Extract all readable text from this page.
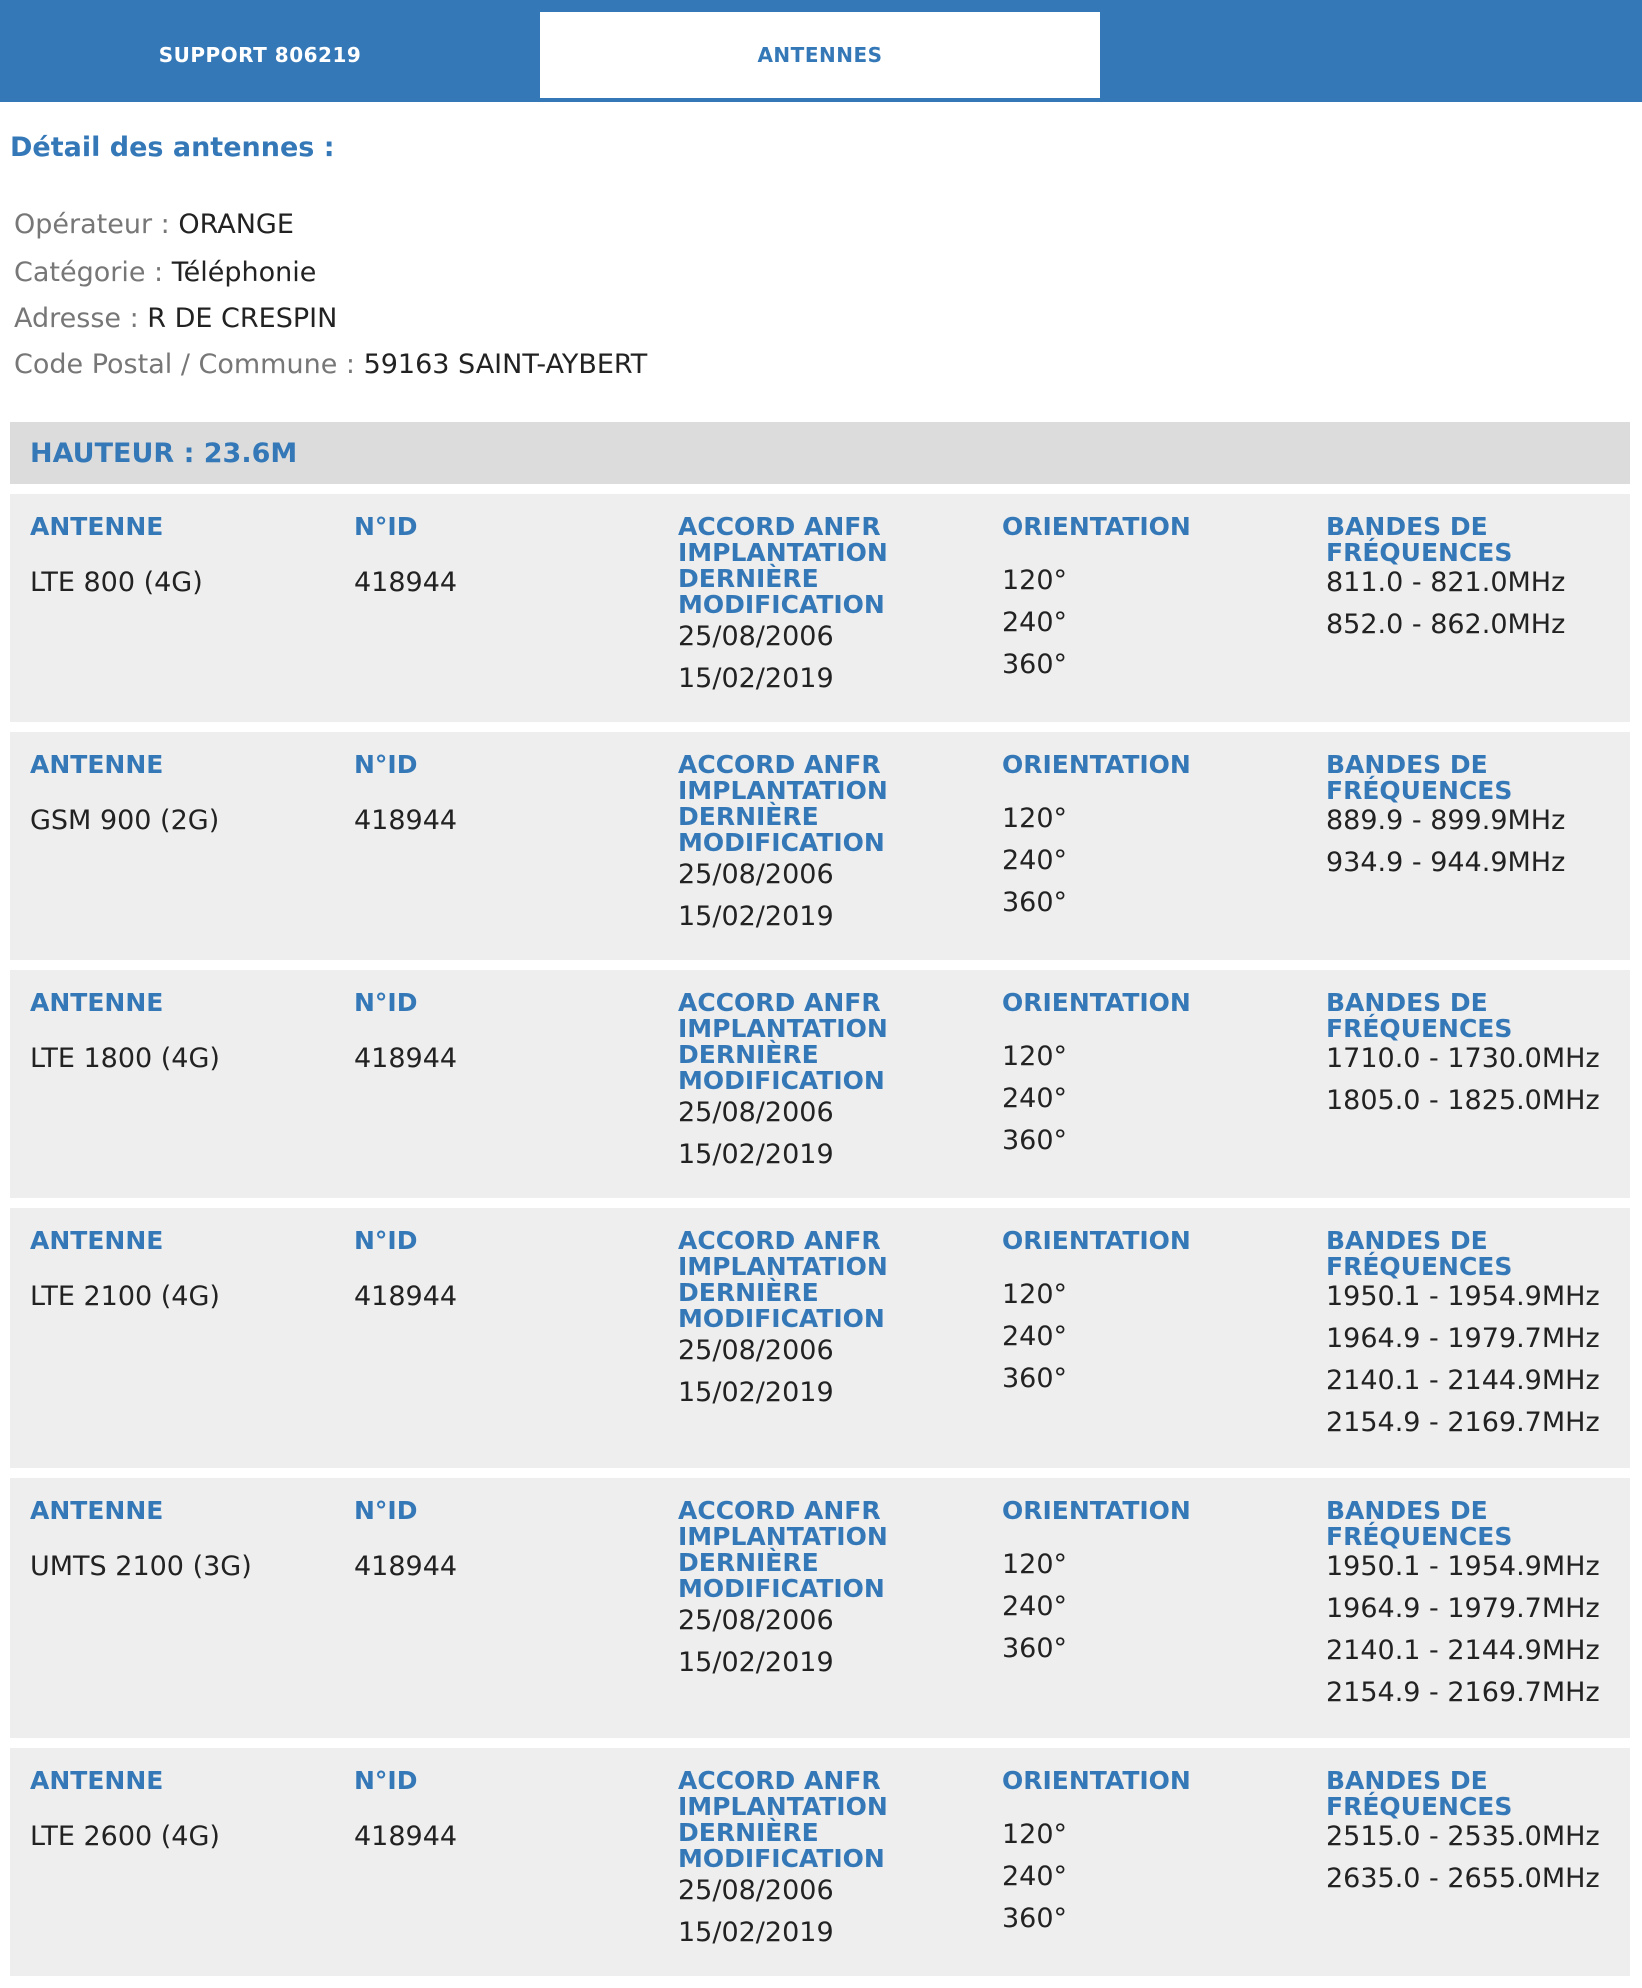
SUPPORT 806219	ANTENNES
Détail des antennes :
Opérateur : ORANGE
Catégorie : Téléphonie
Adresse : R DE CRESPIN
Code Postal / Commune : 59163 SAINT-AYBERT
HAUTEUR : 23.6M
ANTENNE
LTE 800 (4G)
N°ID
418944
ACCORD ANFR
IMPLANTATION
DERNIÈRE
MODIFICATION
25/08/2006
15/02/2019
ORIENTATION
120°
240°
360°
BANDES DE
FRÉQUENCES
811.0 - 821.0MHz
852.0 - 862.0MHz
ANTENNE
GSM 900 (2G)
N°ID
418944
ACCORD ANFR
IMPLANTATION
DERNIÈRE
MODIFICATION
25/08/2006
15/02/2019
ORIENTATION
120°
240°
360°
BANDES DE
FRÉQUENCES
889.9 - 899.9MHz
934.9 - 944.9MHz
ANTENNE
LTE 1800 (4G)
N°ID
418944
ACCORD ANFR
IMPLANTATION
DERNIÈRE
MODIFICATION
25/08/2006
15/02/2019
ORIENTATION
120°
240°
360°
BANDES DE
FRÉQUENCES
1710.0 - 1730.0MHz
1805.0 - 1825.0MHz
ANTENNE
LTE 2100 (4G)
N°ID
418944
ACCORD ANFR
IMPLANTATION
DERNIÈRE
MODIFICATION
25/08/2006
15/02/2019
ORIENTATION
120°
240°
360°
BANDES DE
FRÉQUENCES
1950.1 - 1954.9MHz
1964.9 - 1979.7MHz
2140.1 - 2144.9MHz
2154.9 - 2169.7MHz
ANTENNE
UMTS 2100 (3G)
N°ID
418944
ACCORD ANFR
IMPLANTATION
DERNIÈRE
MODIFICATION
25/08/2006
15/02/2019
ORIENTATION
120°
240°
360°
BANDES DE
FRÉQUENCES
1950.1 - 1954.9MHz
1964.9 - 1979.7MHz
2140.1 - 2144.9MHz
2154.9 - 2169.7MHz
ANTENNE
LTE 2600 (4G)
N°ID
418944
ACCORD ANFR
IMPLANTATION
DERNIÈRE
MODIFICATION
25/08/2006
15/02/2019
ORIENTATION
120°
240°
360°
BANDES DE
FRÉQUENCES
2515.0 - 2535.0MHz
2635.0 - 2655.0MHz
